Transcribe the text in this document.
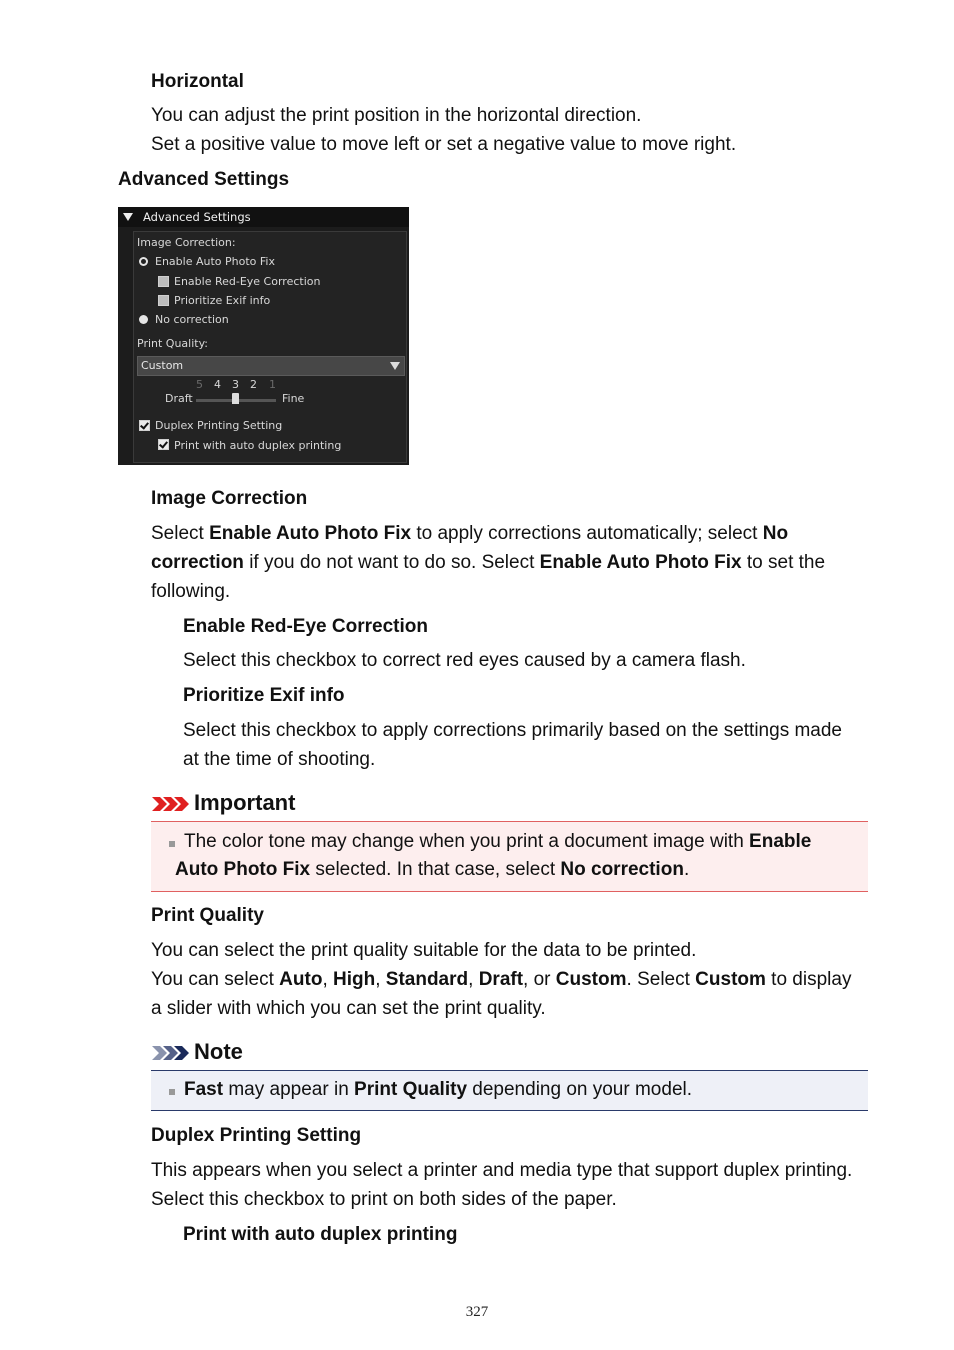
Horizontal
You can adjust the print position in the horizontal direction.
Set a positive value to move left or set a negative value to move right.
Advanced Settings
Advanced Settings
Image Correction:
Enable Auto Photo Fix
Enable Red-Eye Correction
Prioritize Exif info
No correction
Print Quality:
Custom
5 4 3 2 1
Draft	Fine
Duplex Printing Setting
Print with auto duplex printing
Image Correction
Select Enable Auto Photo Fix to apply corrections automatically; select No
correction if you do not want to do so. Select Enable Auto Photo Fix to set the
following.
Enable Red-Eye Correction
Select this checkbox to correct red eyes caused by a camera flash.
Prioritize Exif info
Select this checkbox to apply corrections primarily based on the settings made
at the time of shooting.
Important
The color tone may change when you print a document image with Enable
Auto Photo Fix selected. In that case, select No correction.
Print Quality
You can select the print quality suitable for the data to be printed.
You can select Auto, High, Standard, Draft, or Custom. Select Custom to display
a slider with which you can set the print quality.
Note
Fast may appear in Print Quality depending on your model.
Duplex Printing Setting
This appears when you select a printer and media type that support duplex printing.
Select this checkbox to print on both sides of the paper.
Print with auto duplex printing
327
